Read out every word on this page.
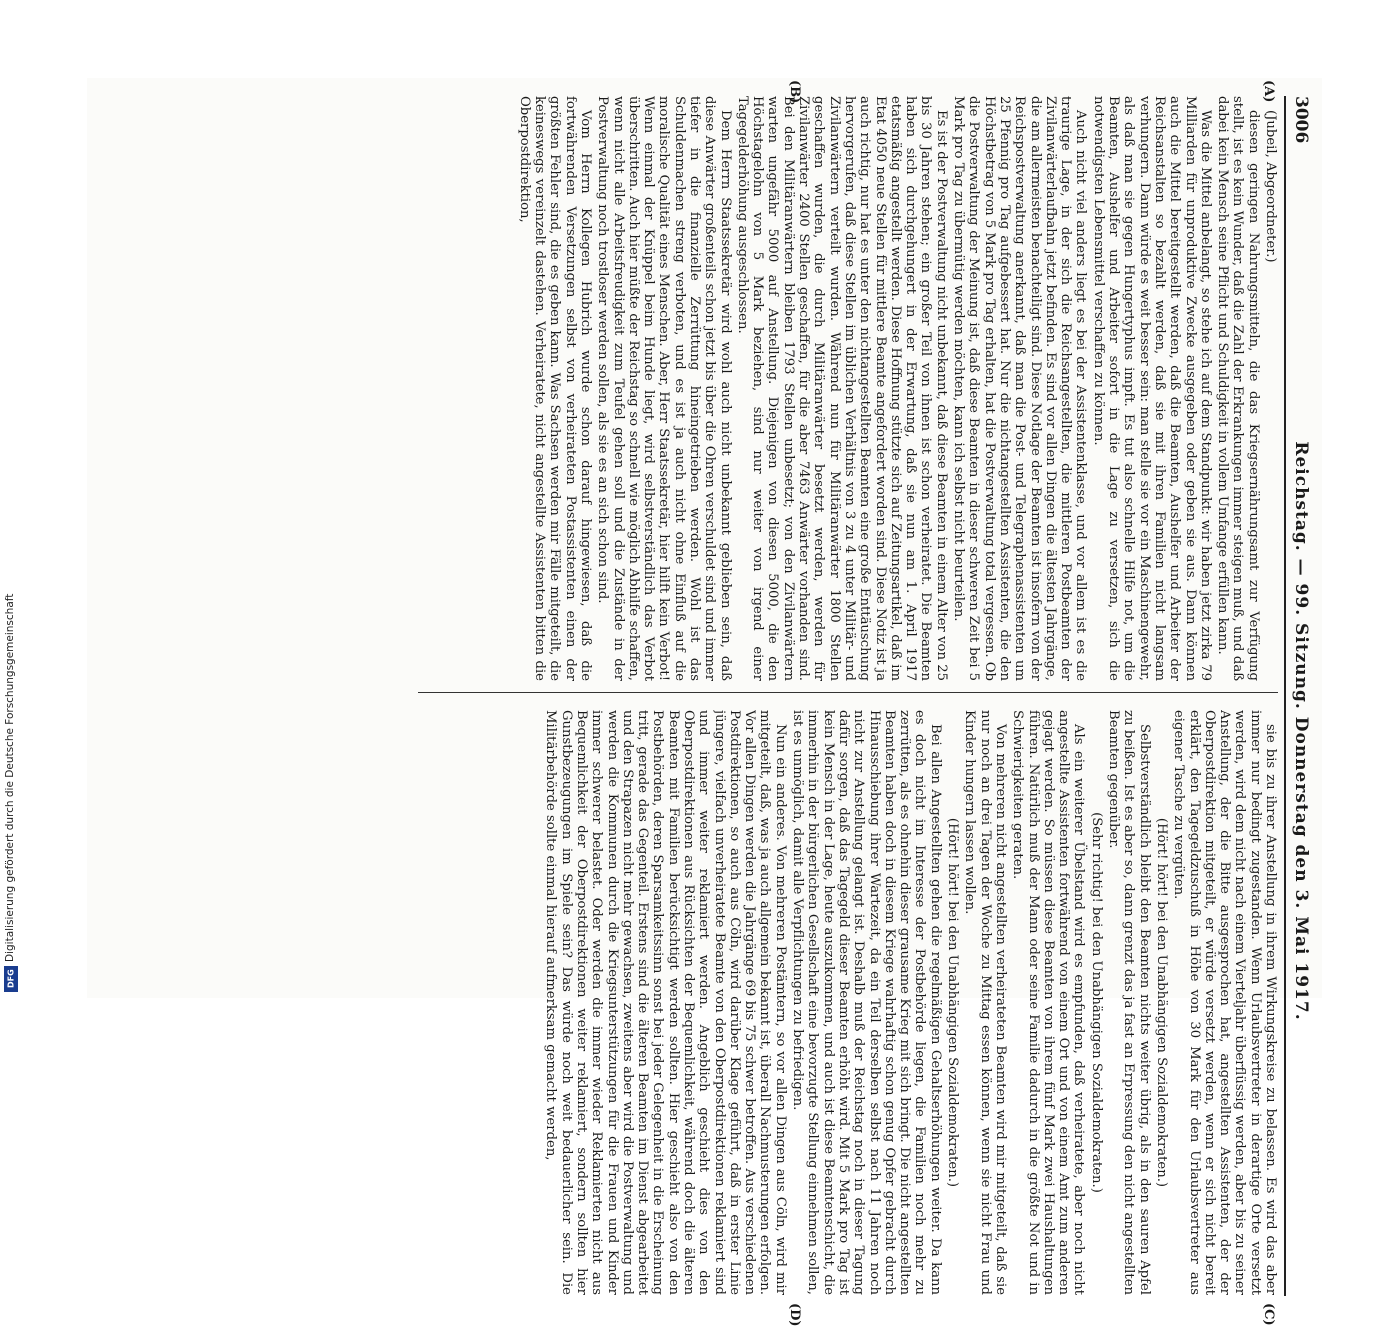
3006
Reichstag. — 99. Sitzung. Donnerstag den 3. Mai 1917.
(A)
(B)
(C)
(D)

(Jubeil, Abgeordneter.)

diesen geringen Nahrungsmitteln, die das Kriegsernährungsamt zur Verfügung stellt, ist es kein Wunder, daß die Zahl der Erkrankungen immer steigen muß, und daß dabei kein Mensch seine Pflicht und Schuldigkeit in vollem Umfange erfüllen kann.

Was die Mittel anbelangt, so stehe ich auf dem Standpunkt: wir haben jetzt zirka 79 Milliarden für unproduktive Zwecke ausgegeben oder geben sie aus. Dann können auch die Mittel bereitgestellt werden, daß die Beamten, Aushelfer und Arbeiter der Reichsanstalten so bezahlt werden, daß sie mit ihren Familien nicht langsam verhungern. Dann würde es weit besser sein: man stelle sie vor ein Maschinengewehr, als daß man sie gegen Hungertyphus impft. Es tut also schnelle Hilfe not, um die Beamten, Aushelfer und Arbeiter sofort in die Lage zu versetzen, sich die notwendigsten Lebensmittel verschaffen zu können.

Auch nicht viel anders liegt es bei der Assistentenklasse, und vor allem ist es die traurige Lage, in der sich die Reichsangestellten, die mittleren Postbeamten der Zivilanwärterlaufbahn jetzt befinden. Es sind vor allen Dingen die ältesten Jahrgänge, die am allermeisten benachteiligt sind. Diese Notlage der Beamten ist insofern von der Reichspostverwaltung anerkannt, daß man die Post- und Telegraphenassistenten um 25 Pfennig pro Tag aufgebessert hat. Nur die nichtangestellten Assistenten, die den Höchstbetrag von 5 Mark pro Tag erhalten, hat die Postverwaltung total vergessen. Ob die Postverwaltung der Meinung ist, daß diese Beamten in dieser schweren Zeit bei 5 Mark pro Tag zu übermütig werden möchten, kann ich selbst nicht beurteilen.

Es ist der Postverwaltung nicht unbekannt, daß diese Beamten in einem Alter von 25 bis 30 Jahren stehen; ein großer Teil von ihnen ist schon verheiratet. Die Beamten haben sich durchgehungert in der Erwartung, daß sie nun am 1. April 1917 etatsmäßig angestellt werden. Diese Hoffnung stützte sich auf Zeitungsartikel, daß im Etat 4050 neue Stellen für mittlere Beamte angefordert worden sind. Diese Notiz ist ja auch richtig, nur hat es unter den nichtangestellten Beamten eine große Enttäuschung hervorgerufen, daß diese Stellen im üblichen Verhältnis von 3 zu 4 unter Militär- und Zivilanwärtern verteilt wurden. Während nun für Militäranwärter 1800 Stellen geschaffen wurden, die durch Militäranwärter besetzt werden, werden für Zivilanwärter 2400 Stellen geschaffen, für die aber 7463 Anwärter vorhanden sind. Bei den Militäranwärtern bleiben 1793 Stellen unbesetzt; von den Zivilanwärtern warten ungefähr 5000 auf Anstellung. Diejenigen von diesen 5000, die den Höchstagelohn von 5 Mark beziehen, sind nur weiter von irgend einer Tagegelderhöhung ausgeschlossen.

Dem Herrn Staatssekretär wird wohl auch nicht unbekannt geblieben sein, daß diese Anwärter großenteils schon jetzt bis über die Ohren verschuldet sind und immer tiefer in die finanzielle Zerrüttung hineingetrieben werden. Wohl ist das Schuldenmachen streng verboten, und es ist ja auch nicht ohne Einfluß auf die moralische Qualität eines Menschen. Aber, Herr Staatssekretär, hier hilft kein Verbot! Wenn einmal der Knüppel beim Hunde liegt, wird selbstverständlich das Verbot überschritten. Auch hier müßte der Reichstag so schnell wie möglich Abhilfe schaffen, wenn nicht alle Arbeitsfreudigkeit zum Teufel gehen soll und die Zustände in der Postverwaltung noch trostloser werden sollen, als sie es an sich schon sind.

Vom Herrn Kollegen Hubrich wurde schon darauf hingewiesen, daß die fortwährenden Versetzungen selbst von verheirateten Postassistenten einen der größten Fehler sind, die es geben kann. Was Sachsen werden mir Fälle mitgeteilt, die keineswegs vereinzelt dastehen. Verheiratete, nicht angestellte Assistenten bitten die Oberpostdirektion,

sie bis zu ihrer Anstellung in ihrem Wirkungskreise zu belassen. Es wird das aber immer nur bedingt zugestanden. Wenn Urlaubsvertreter in derartige Orte versetzt werden, wird dem nicht nach einem Vierteljahr überflüssig werden, aber bis zu seiner Anstellung, der die Bitte ausgesprochen hat, angestellten Assistenten, der der Oberpostdirektion mitgeteilt, er würde versetzt werden, wenn er sich nicht bereit erklärt, den Tagegeldzuschuß in Höhe von 30 Mark für den Urlaubsvertreter aus eigener Tasche zu vergüten.

(Hört! hört! bei den Unabhängigen Sozialdemokraten.)

Selbstverständlich bleibt den Beamten nichts weiter übrig, als in den sauren Apfel zu beißen. Ist es aber so, dann grenzt das ja fast an Erpressung den nicht angestellten Beamten gegenüber.

(Sehr richtig! bei den Unabhängigen Sozialdemokraten.)

Als ein weiterer Übelstand wird es empfunden, daß verheiratete, aber noch nicht angestellte Assistenten fortwährend von einem Ort und von einem Amt zum anderen gejagt werden. So müssen diese Beamten von ihrem fünf Mark zwei Haushaltungen führen. Natürlich muß der Mann oder seine Familie dadurch in die größte Not und in Schwierigkeiten geraten.

Von mehreren nicht angestellten verheirateten Beamten wird mir mitgeteilt, daß sie nur noch an drei Tagen der Woche zu Mittag essen können, wenn sie nicht Frau und Kinder hungern lassen wollen.

(Hört! hört! bei den Unabhängigen Sozialdemokraten.)

Bei allen Angestellten gehen die regelmäßigen Gehaltserhöhungen weiter. Da kann es doch nicht im Interesse der Postbehörde liegen, die Familien noch mehr zu zerrütten, als es ohnehin dieser grausame Krieg mit sich bringt. Die nicht angestellten Beamten haben doch in diesem Kriege wahrhaftig schon genug Opfer gebracht durch Hinausschiebung ihrer Wartezeit, da ein Teil derselben selbst nach 11 Jahren noch nicht zur Anstellung gelangt ist. Deshalb muß der Reichstag noch in dieser Tagung dafür sorgen, daß das Tagegeld dieser Beamten erhöht wird. Mit 5 Mark pro Tag ist kein Mensch in der Lage, heute auszukommen, und auch ist diese Beamtenschicht, die immerhin in der bürgerlichen Gesellschaft eine bevorzugte Stellung einnehmen sollen, ist es unmöglich, damit alle Verpflichtungen zu befriedigen.

Nun ein anderes. Von mehreren Postämtern, so vor allen Dingen aus Cöln, wird mir mitgeteilt, daß, was ja auch allgemein bekannt ist, überall Nachmusterungen erfolgen. Vor allen Dingen werden die Jahrgänge 69 bis 75 schwer betroffen. Aus verschiedenen Postdirektionen, so auch aus Cöln, wird darüber Klage geführt, daß in erster Linie jüngere, vielfach unverheiratete Beamte von den Oberpostdirektionen reklamiert sind und immer weiter reklamiert werden. Angeblich geschieht dies von den Oberpostdirektionen aus Rücksichten der Bequemlichkeit, während doch die älteren Beamten mit Familien berücksichtigt werden sollten. Hier geschieht also von den Postbehörden, deren Sparsamkeitssinn sonst bei jeder Gelegenheit in die Erscheinung tritt, gerade das Gegenteil. Erstens sind die älteren Beamten im Dienst abgearbeitet und den Strapazen nicht mehr gewachsen, zweitens aber wird die Postverwaltung und werden die Kommunen durch die Kriegsunterstützungen für die Frauen und Kinder immer schwerer belastet. Oder werden die immer wieder Reklamierten nicht aus Bequemlichkeit der Oberpostdirektionen weiter reklamiert, sondern sollten hier Gunstbezeugungen im Spiele sein? Das würde noch weit bedauerlicher sein. Die Militärbehörde sollte einmal hierauf aufmerksam gemacht werden,

Digitalisierung gefördert durch die Deutsche Forschungsgemeinschaft
DFG
